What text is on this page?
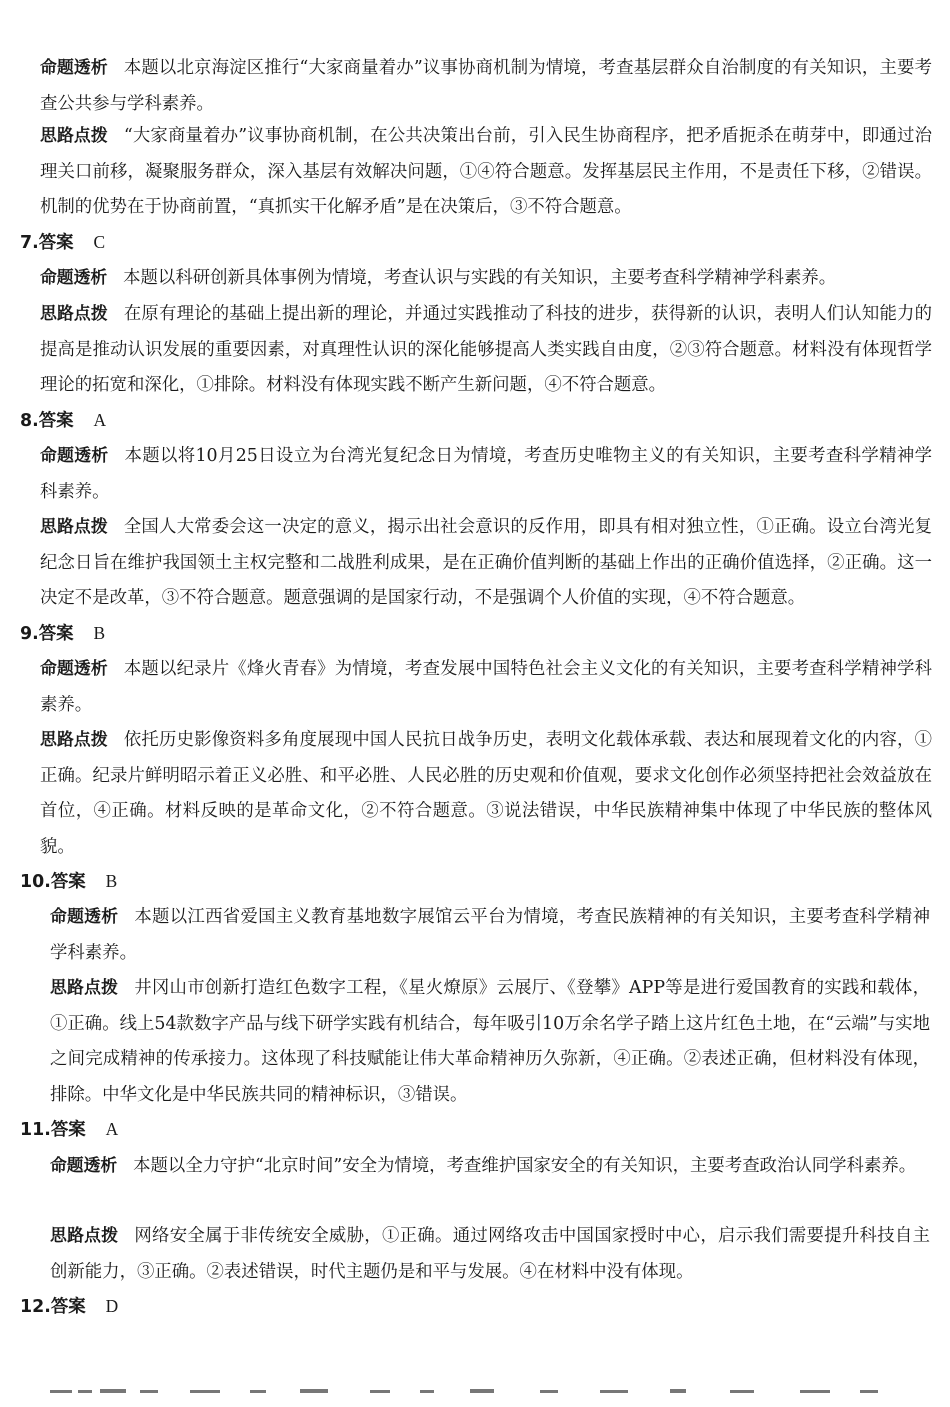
命题透析 本题以北京海淀区推行“大家商量着办”议事协商机制为情境，考查基层群众自治制度的有关知识，主要考查公共参与学科素养。
思路点拨 “大家商量着办”议事协商机制，在公共决策出台前，引入民生协商程序，把矛盾扼杀在萌芽中，即通过治理关口前移，凝聚服务群众，深入基层有效解决问题，①④符合题意。发挥基层民主作用，不是责任下移，②错误。机制的优势在于协商前置，“真抓实干化解矛盾”是在决策后，③不符合题意。
7.答案 C
命题透析 本题以科研创新具体事例为情境，考查认识与实践的有关知识，主要考查科学精神学科素养。
思路点拨 在原有理论的基础上提出新的理论，并通过实践推动了科技的进步，获得新的认识，表明人们认知能力的提高是推动认识发展的重要因素，对真理性认识的深化能够提高人类实践自由度，②③符合题意。材料没有体现哲学理论的拓宽和深化，①排除。材料没有体现实践不断产生新问题，④不符合题意。
8.答案 A
命题透析 本题以将10月25日设立为台湾光复纪念日为情境，考查历史唯物主义的有关知识，主要考查科学精神学科素养。
思路点拨 全国人大常委会这一决定的意义，揭示出社会意识的反作用，即具有相对独立性，①正确。设立台湾光复纪念日旨在维护我国领土主权完整和二战胜利成果，是在正确价值判断的基础上作出的正确价值选择，②正确。这一决定不是改革，③不符合题意。题意强调的是国家行动，不是强调个人价值的实现，④不符合题意。
9.答案 B
命题透析 本题以纪录片《烽火青春》为情境，考查发展中国特色社会主义文化的有关知识，主要考查科学精神学科素养。
思路点拨 依托历史影像资料多角度展现中国人民抗日战争历史，表明文化载体承载、表达和展现着文化的内容，①正确。纪录片鲜明昭示着正义必胜、和平必胜、人民必胜的历史观和价值观，要求文化创作必须坚持把社会效益放在首位，④正确。材料反映的是革命文化，②不符合题意。③说法错误，中华民族精神集中体现了中华民族的整体风貌。
10.答案 B
命题透析 本题以江西省爱国主义教育基地数字展馆云平台为情境，考查民族精神的有关知识，主要考查科学精神学科素养。
思路点拨 井冈山市创新打造红色数字工程，《星火燎原》云展厅、《登攀》APP等是进行爱国教育的实践和载体，①正确。线上54款数字产品与线下研学实践有机结合，每年吸引10万余名学子踏上这片红色土地，在“云端”与实地之间完成精神的传承接力。这体现了科技赋能让伟大革命精神历久弥新，④正确。②表述正确，但材料没有体现，排除。中华文化是中华民族共同的精神标识，③错误。
11.答案 A
命题透析 本题以全力守护“北京时间”安全为情境，考查维护国家安全的有关知识，主要考查政治认同学科素养。
思路点拨 网络安全属于非传统安全威胁，①正确。通过网络攻击中国国家授时中心，启示我们需要提升科技自主创新能力，③正确。②表述错误，时代主题仍是和平与发展。④在材料中没有体现。
12.答案 D
